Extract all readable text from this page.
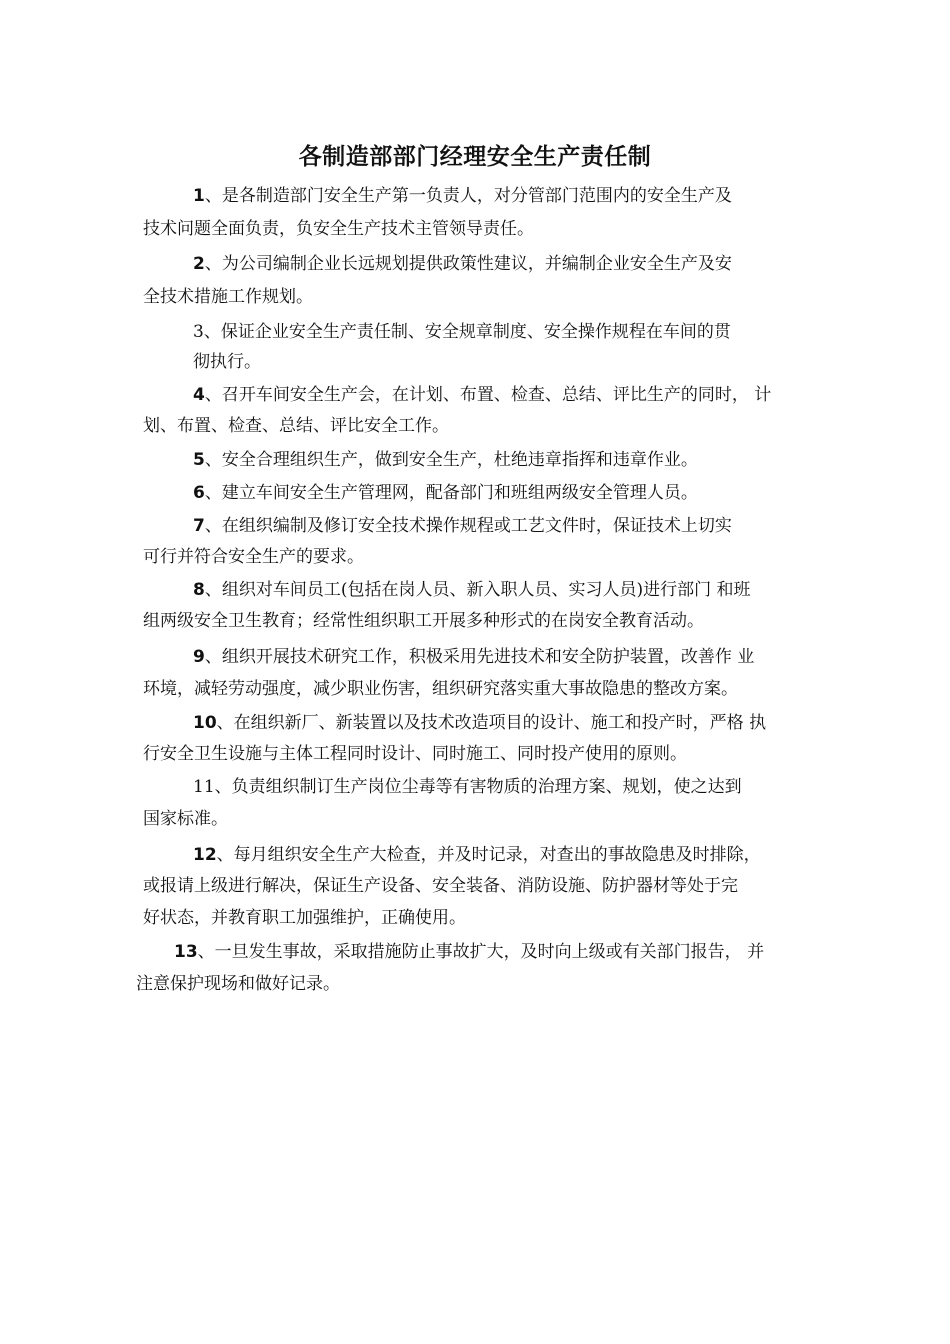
各制造部部门经理安全生产责任制

1、是各制造部门安全生产第一负责人，对分管部门范围内的安全生产及

技术问题全面负责，负安全生产技术主管领导责任。

2、为公司编制企业长远规划提供政策性建议，并编制企业安全生产及安

全技术措施工作规划。

3、保证企业安全生产责任制、安全规章制度、安全操作规程在车间的贯

彻执行。

4、召开车间安全生产会，在计划、布置、检查、总结、评比生产的同时， 计

划、布置、检查、总结、评比安全工作。

5、安全合理组织生产，做到安全生产，杜绝违章指挥和违章作业。

6、建立车间安全生产管理网，配备部门和班组两级安全管理人员。

7、在组织编制及修订安全技术操作规程或工艺文件时，保证技术上切实

可行并符合安全生产的要求。

8、组织对车间员工(包括在岗人员、新入职人员、实习人员)进行部门 和班

组两级安全卫生教育；经常性组织职工开展多种形式的在岗安全教育活动。

9、组织开展技术研究工作，积极采用先进技术和安全防护装置，改善作 业

环境，减轻劳动强度，减少职业伤害，组织研究落实重大事故隐患的整改方案。

10、在组织新厂、新装置以及技术改造项目的设计、施工和投产时，严格 执

行安全卫生设施与主体工程同时设计、同时施工、同时投产使用的原则。

11、负责组织制订生产岗位尘毒等有害物质的治理方案、规划，使之达到

国家标准。

12、每月组织安全生产大检查，并及时记录，对查出的事故隐患及时排除，

或报请上级进行解决，保证生产设备、安全装备、消防设施、防护器材等处于完

好状态，并教育职工加强维护，正确使用。

13、一旦发生事故，采取措施防止事故扩大，及时向上级或有关部门报告， 并

注意保护现场和做好记录。
